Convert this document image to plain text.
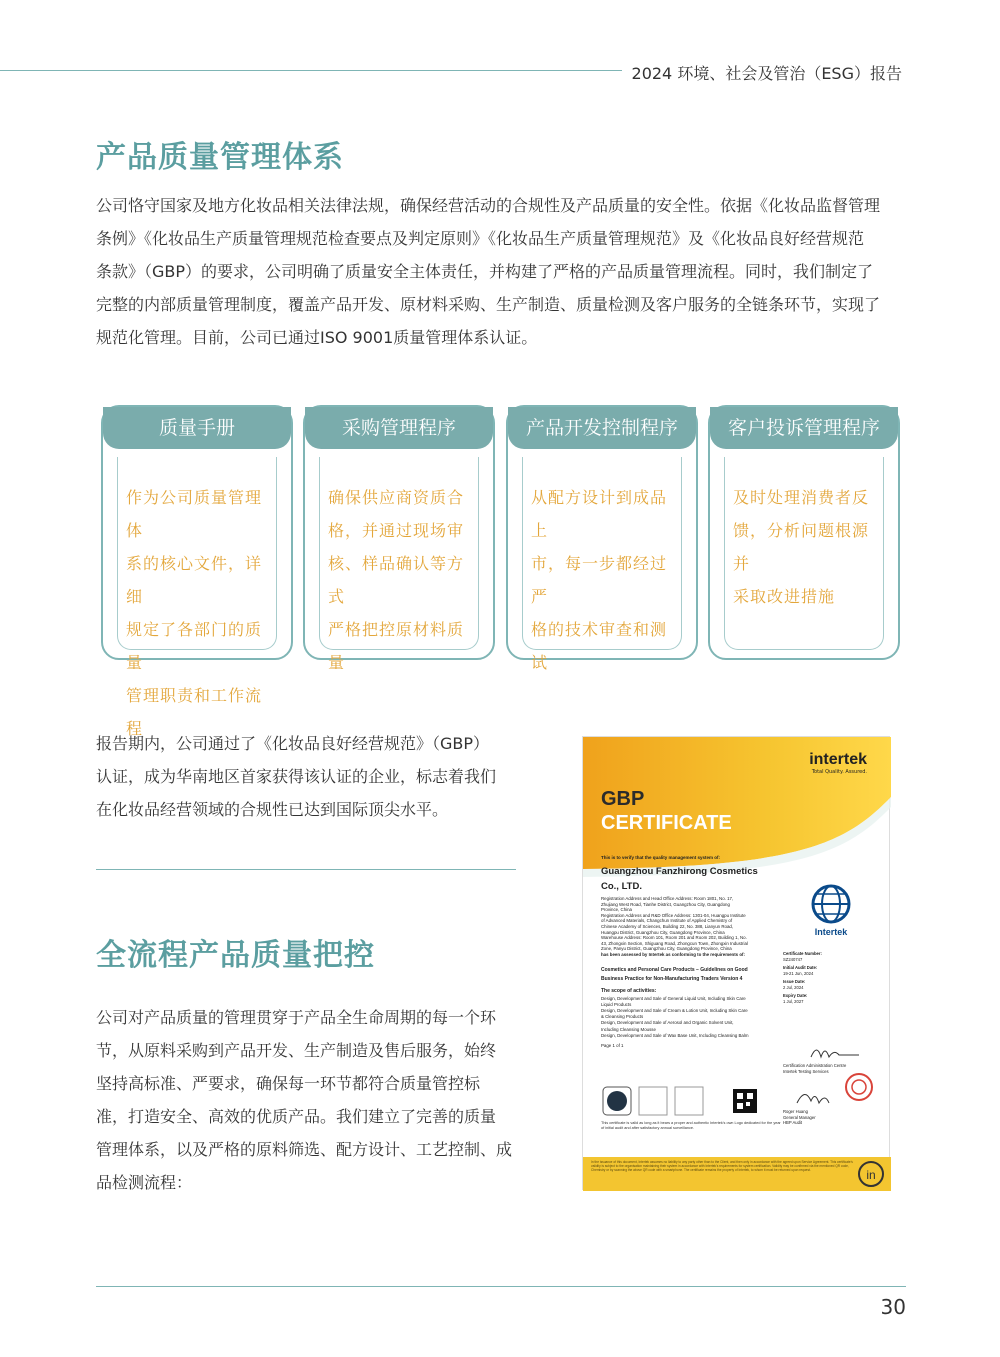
2024 环境、社会及管治（ESG）报告
产品质量管理体系
公司恪守国家及地方化妆品相关法律法规，确保经营活动的合规性及产品质量的安全性。依据《化妆品监督管理
条例》《化妆品生产质量管理规范检查要点及判定原则》《化妆品生产质量管理规范》及《化妆品良好经营规范
条款》（GBP）的要求，公司明确了质量安全主体责任，并构建了严格的产品质量管理流程。同时，我们制定了
完整的内部质量管理制度，覆盖产品开发、原材料采购、生产制造、质量检测及客户服务的全链条环节，实现了
规范化管理。目前，公司已通过ISO 9001质量管理体系认证。
质量手册
作为公司质量管理体
系的核心文件，详细
规定了各部门的质量
管理职责和工作流程
采购管理程序
确保供应商资质合
格，并通过现场审
核、样品确认等方式
严格把控原材料质量
产品开发控制程序
从配方设计到成品上
市，每一步都经过严
格的技术审查和测试
客户投诉管理程序
及时处理消费者反
馈，分析问题根源并
采取改进措施
报告期内，公司通过了《化妆品良好经营规范》（GBP）
认证，成为华南地区首家获得该认证的企业，标志着我们
在化妆品经营领域的合规性已达到国际顶尖水平。
全流程产品质量把控
公司对产品质量的管理贯穿于产品全生命周期的每一个环
节，从原料采购到产品开发、生产制造及售后服务，始终
坚持高标准、严要求，确保每一环节都符合质量管控标
准，打造安全、高效的优质产品。我们建立了完善的质量
管理体系，以及严格的原料筛选、配方设计、工艺控制、成
品检测流程：	in
intertek
Total Quality. Assured.
GBP
CERTIFICATE
This is to verify that the quality management system of:
Guangzhou Fanzhirong Cosmetics
Co., LTD.
Registration Address and Head Office Address: Room 1801, No. 17,
Zhujiang West Road, Tianhe District, Guangzhou City, Guangdong
Province, China
Registration Address and R&D Office Address: 1301-04, Huangpu Institute
of Advanced Materials, Changchun Institute of Applied Chemistry of
Chinese Academy of Sciences, Building 22, No. 388, Lianyun Road,
Huangpu District, Guangzhou City, Guangdong Province, China
Warehouse Address: Room 101, Room 201 and Room 202, Building 1, No.
43, Zhongxin Section, Shiguang Road, Zhongcun Town, Zhongxin Industrial
Zone, Panyu District, Guangzhou City, Guangdong Province, China
has been assessed by Intertek as conforming to the requirements of:
Cosmetics and Personal Care Products – Guidelines on Good
Business Practice for Non-Manufacturing Traders Version 4
The scope of activities:
Design, Development and Sale of General Liquid Unit, Including Skin Care
Liquid Products
Design, Development and Sale of Cream & Lotion Unit, Including Skin Care
& Cleansing Products
Design, Development and Sale of Aerosol and Organic Solvent Unit,
Including Cleansing Mousse
Design, Development and Sale of Wax Base Unit, Including Cleansing Balm
Page 1 of 1
Intertek
Certificate Number:
SZ240747
Initial Audit Date:
19-21 Jun, 2024
Issue Date:
2 Jul, 2024
Expiry Date:
1 Jul, 2027
Certification Administration Centre
Intertek Testing Services
Roger Huang
General Manager
HBP Audit
This certificate is valid as long as it bears a proper and authentic Intertek's own Logo dedicated for the year of initial audit and after satisfactory annual surveillance.
In the issuance of this document, Intertek assumes no liability to any party other than to the Client, and then only in accordance with the agreed upon Service Agreement. This certificate's validity is subject to the organisation maintaining their system in accordance with Intertek's requirements for system certification. Validity may be confirmed via the mentioned QR code, Chemistry or by scanning the above QR code with a smartphone. The certificate remains the property of Intertek, to whom it must be returned upon request.
30
